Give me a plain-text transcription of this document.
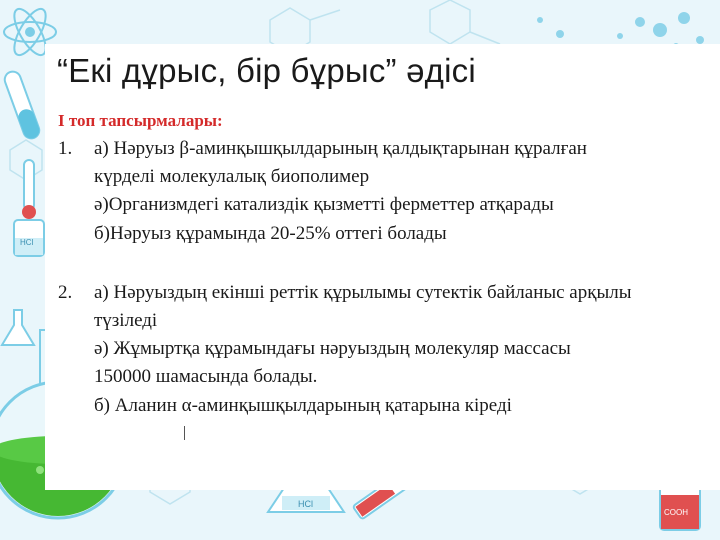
HCl
HCl
COOH
“Екі дұрыс, бір бұрыс” әдісі
I топ тапсырмалары:
1. а) Нәруыз β-аминқышқылдарының қалдықтарынан құралған
күрделі молекулалық биополимер
ә)Организмдегі катализдік қызметті ферметтер атқарады
б)Нәруыз құрамында 20-25% оттегі болады
2. а) Нәруыздың екінші реттік құрылымы сутектік байланыс арқылы
түзіледі
ә) Жұмыртқа құрамындағы нәруыздың молекуляр массасы
150000 шамасында болады.
б) Аланин α-аминқышқылдарының қатарына кіреді
